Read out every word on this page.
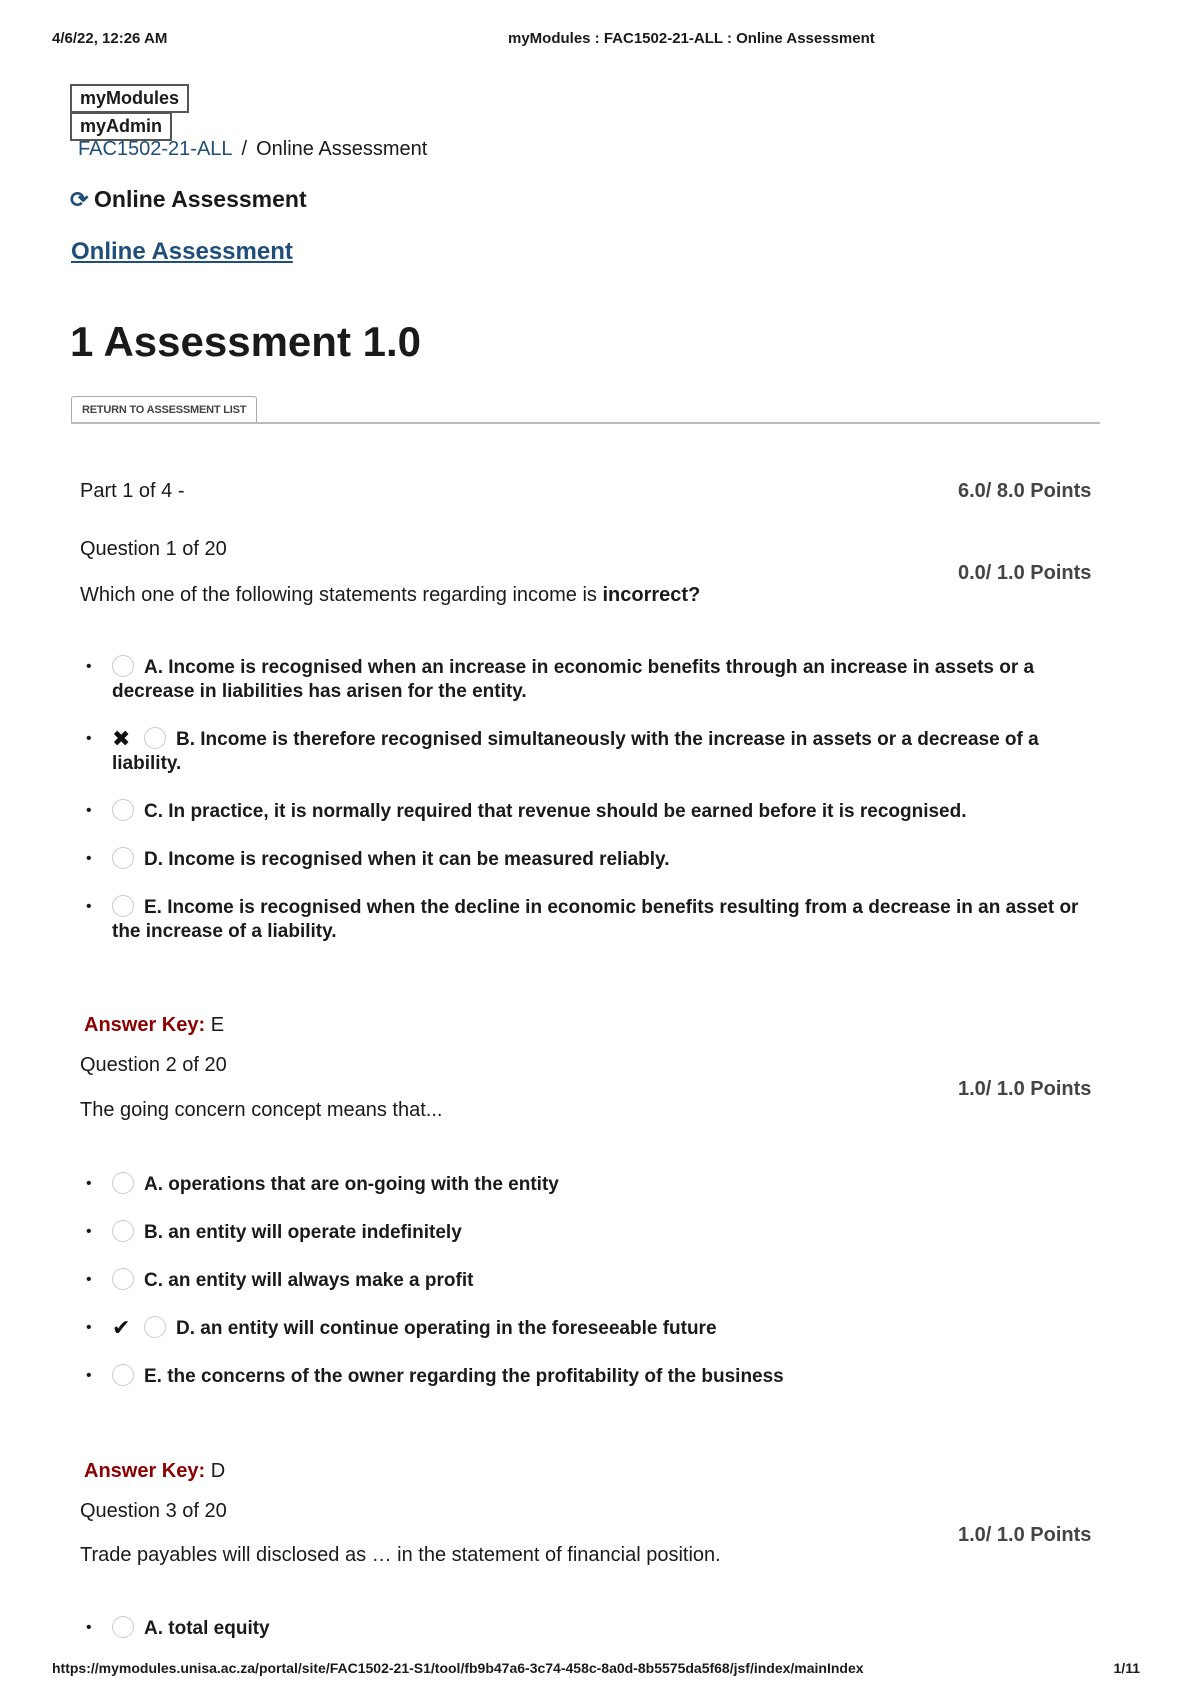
4/6/22, 12:26 AM	myModules : FAC1502-21-ALL : Online Assessment
myModules
myAdmin
FAC1502-21-ALL / Online Assessment
⟳ Online Assessment
Online Assessment
1 Assessment 1.0
RETURN TO ASSESSMENT LIST
Part 1 of 4 -	6.0/ 8.0 Points
Question 1 of 20
0.0/ 1.0 Points
Which one of the following statements regarding income is incorrect?
•	A. Income is recognised when an increase in economic benefits through an increase in assets or a decrease in liabilities has arisen for the entity.
• ✖ B. Income is therefore recognised simultaneously with the increase in assets or a decrease of a liability.
•	C. In practice, it is normally required that revenue should be earned before it is recognised.
•	D. Income is recognised when it can be measured reliably.
•	E. Income is recognised when the decline in economic benefits resulting from a decrease in an asset or the increase of a liability.
Answer Key: E
Question 2 of 20
1.0/ 1.0 Points
The going concern concept means that...
•	A. operations that are on-going with the entity
•	B. an entity will operate indefinitely
•	C. an entity will always make a profit
• ✔ D. an entity will continue operating in the foreseeable future
•	E. the concerns of the owner regarding the profitability of the business
Answer Key: D
Question 3 of 20
1.0/ 1.0 Points
Trade payables will disclosed as … in the statement of financial position.
•	A. total equity
https://mymodules.unisa.ac.za/portal/site/FAC1502-21-S1/tool/fb9b47a6-3c74-458c-8a0d-8b5575da5f68/jsf/index/mainIndex	1/11
